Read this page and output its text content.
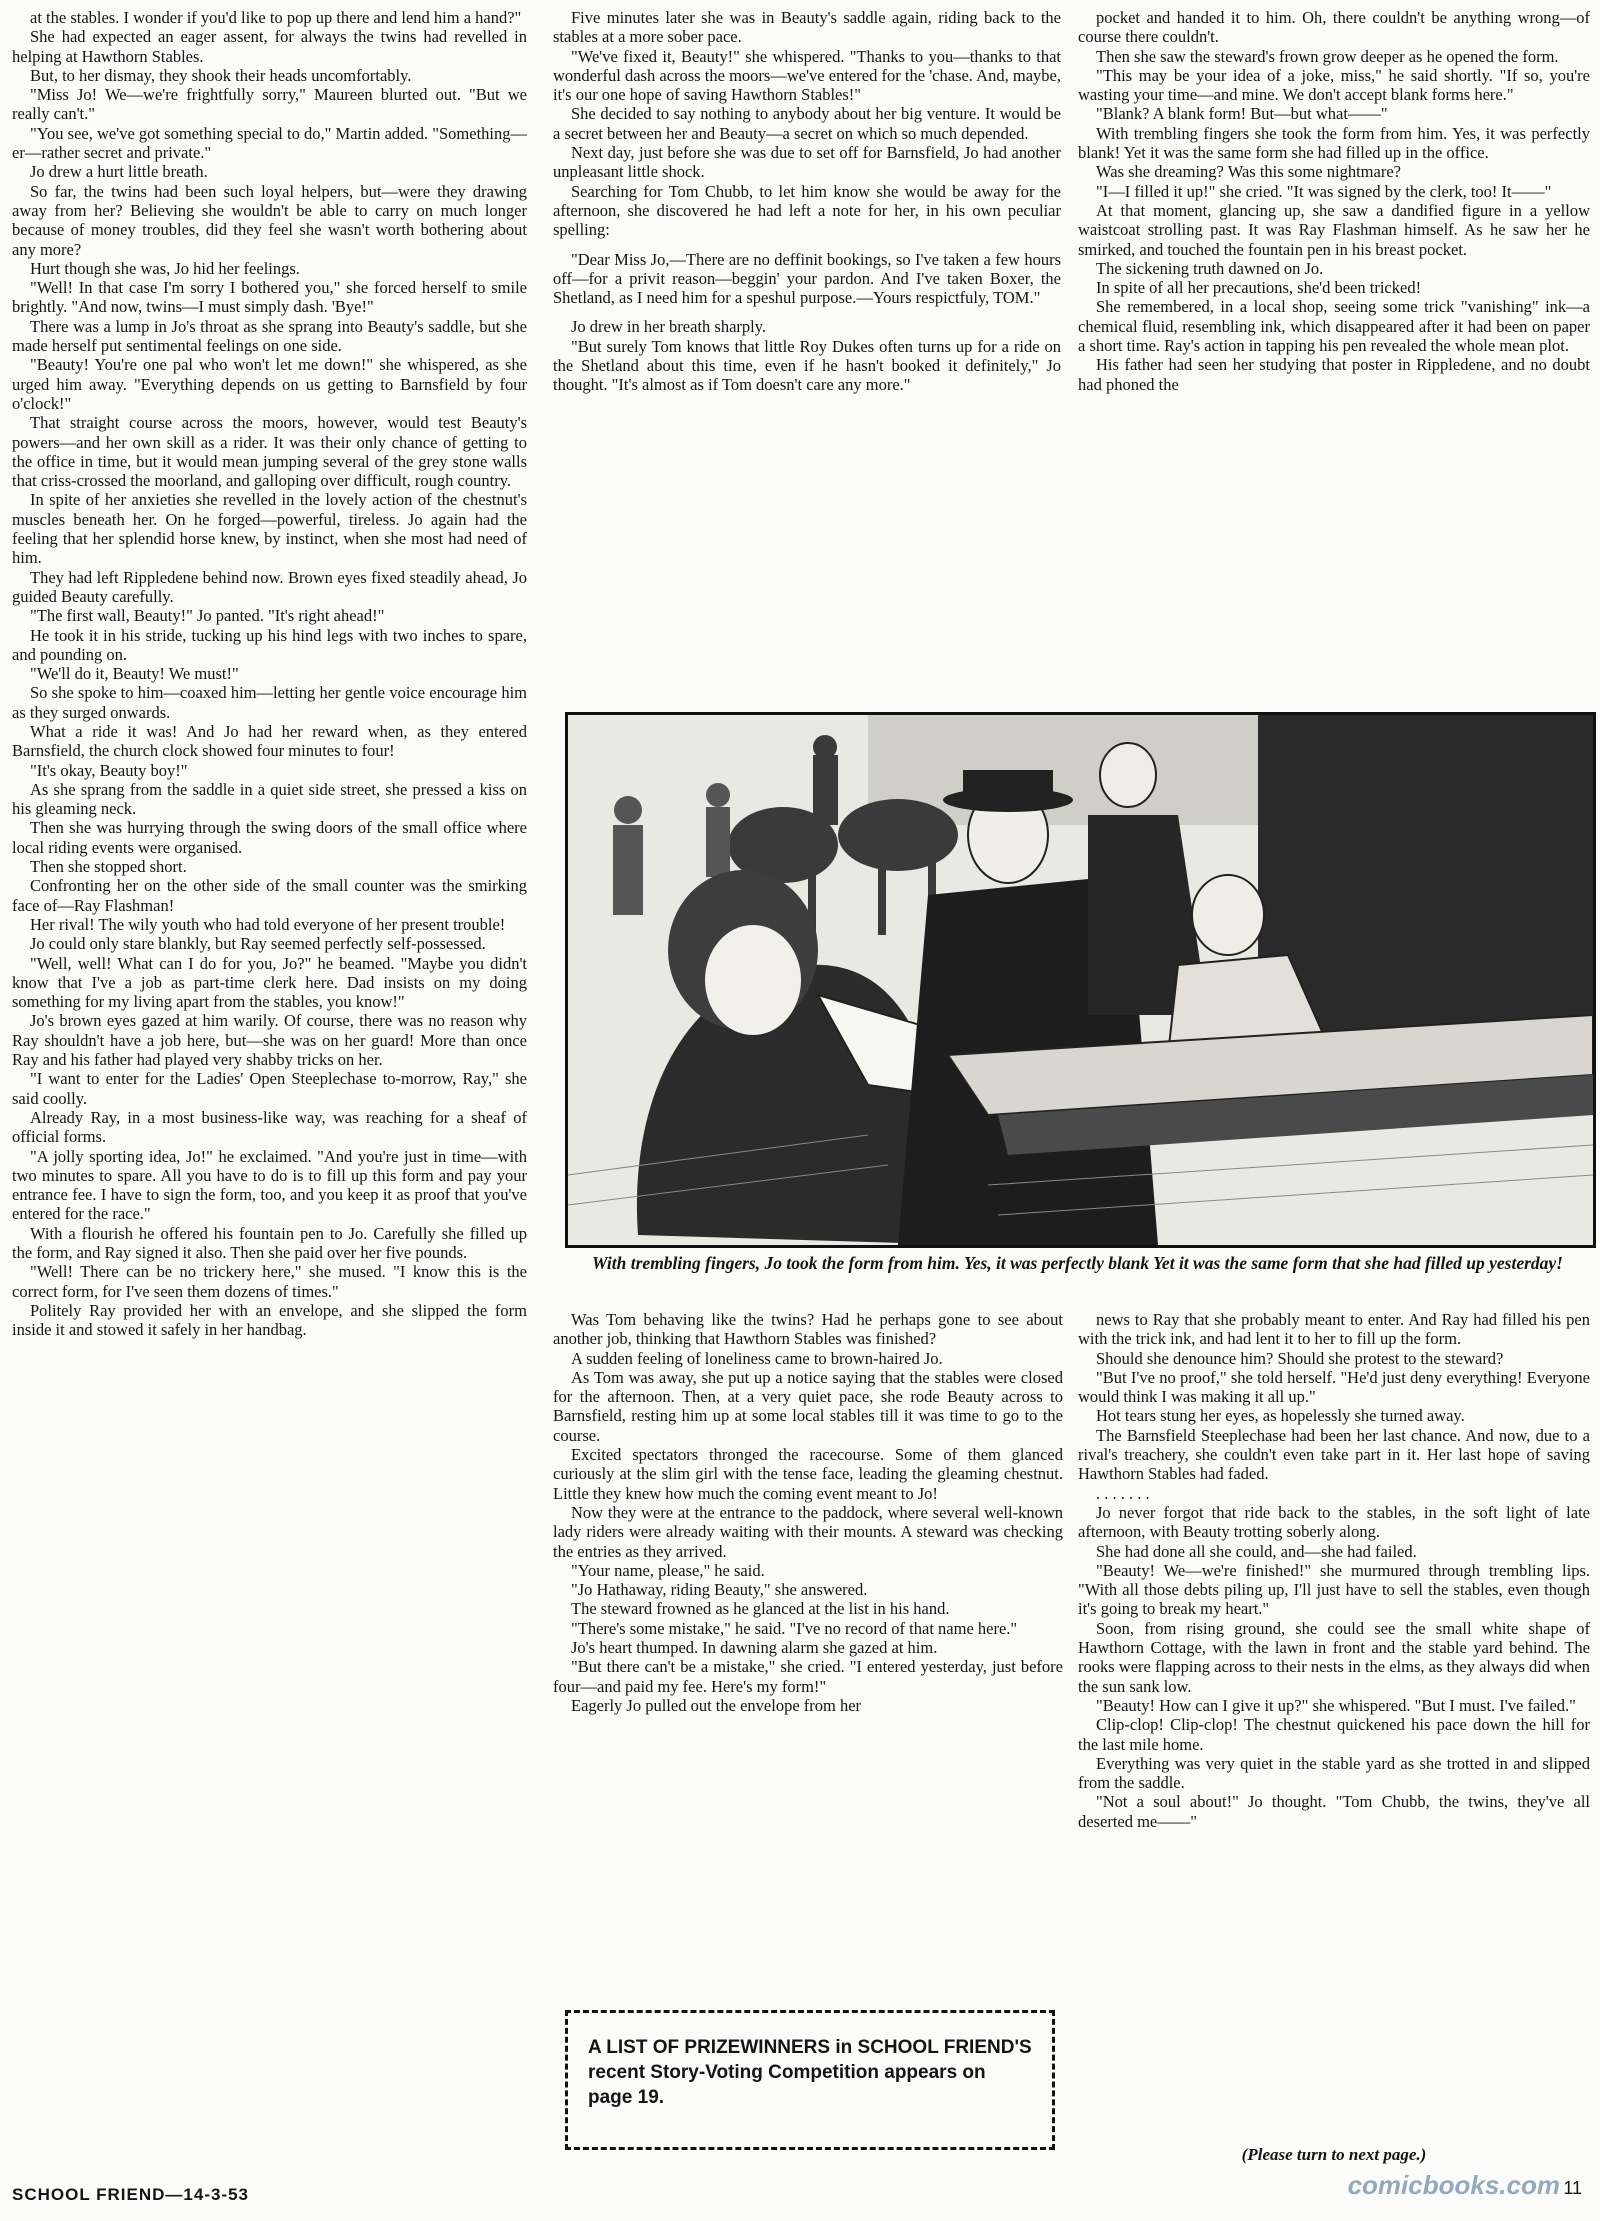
at the stables. I wonder if you'd like to pop up there and lend him a hand?"

She had expected an eager assent, for always the twins had revelled in helping at Hawthorn Stables.

But, to her dismay, they shook their heads uncomfortably.

"Miss Jo! We—we're frightfully sorry," Maureen blurted out. "But we really can't."

"You see, we've got something special to do," Martin added. "Something—er—rather secret and private."

Jo drew a hurt little breath.

So far, the twins had been such loyal helpers, but—were they drawing away from her? Believing she wouldn't be able to carry on much longer because of money troubles, did they feel she wasn't worth bothering about any more?

Hurt though she was, Jo hid her feelings.

"Well! In that case I'm sorry I bothered you," she forced herself to smile brightly. "And now, twins—I must simply dash. 'Bye!"

There was a lump in Jo's throat as she sprang into Beauty's saddle, but she made herself put sentimental feelings on one side.

"Beauty! You're one pal who won't let me down!" she whispered, as she urged him away. "Everything depends on us getting to Barnsfield by four o'clock!"

That straight course across the moors, however, would test Beauty's powers—and her own skill as a rider. It was their only chance of getting to the office in time, but it would mean jumping several of the grey stone walls that criss-crossed the moorland, and galloping over difficult, rough country.

In spite of her anxieties she revelled in the lovely action of the chestnut's muscles beneath her. On he forged—powerful, tireless. Jo again had the feeling that her splendid horse knew, by instinct, when she most had need of him.

They had left Rippledene behind now. Brown eyes fixed steadily ahead, Jo guided Beauty carefully.

"The first wall, Beauty!" Jo panted. "It's right ahead!"

He took it in his stride, tucking up his hind legs with two inches to spare, and pounding on.

"We'll do it, Beauty! We must!"

So she spoke to him—coaxed him—letting her gentle voice encourage him as they surged onwards.

What a ride it was! And Jo had her reward when, as they entered Barnsfield, the church clock showed four minutes to four!

"It's okay, Beauty boy!"

As she sprang from the saddle in a quiet side street, she pressed a kiss on his gleaming neck.

Then she was hurrying through the swing doors of the small office where local riding events were organised.

Then she stopped short.

Confronting her on the other side of the small counter was the smirking face of—Ray Flashman!

Her rival! The wily youth who had told everyone of her present trouble!

Jo could only stare blankly, but Ray seemed perfectly self-possessed.

"Well, well! What can I do for you, Jo?" he beamed. "Maybe you didn't know that I've a job as part-time clerk here. Dad insists on my doing something for my living apart from the stables, you know!"

Jo's brown eyes gazed at him warily. Of course, there was no reason why Ray shouldn't have a job here, but—she was on her guard! More than once Ray and his father had played very shabby tricks on her.

"I want to enter for the Ladies' Open Steeplechase to-morrow, Ray," she said coolly.

Already Ray, in a most business-like way, was reaching for a sheaf of official forms.

"A jolly sporting idea, Jo!" he exclaimed. "And you're just in time—with two minutes to spare. All you have to do is to fill up this form and pay your entrance fee. I have to sign the form, too, and you keep it as proof that you've entered for the race."

With a flourish he offered his fountain pen to Jo. Carefully she filled up the form, and Ray signed it also. Then she paid over her five pounds.

"Well! There can be no trickery here," she mused. "I know this is the correct form, for I've seen them dozens of times."

Politely Ray provided her with an envelope, and she slipped the form inside it and stowed it safely in her handbag.

Five minutes later she was in Beauty's saddle again, riding back to the stables at a more sober pace.

"We've fixed it, Beauty!" she whispered. "Thanks to you—thanks to that wonderful dash across the moors—we've entered for the 'chase. And, maybe, it's our one hope of saving Hawthorn Stables!"

She decided to say nothing to anybody about her big venture. It would be a secret between her and Beauty—a secret on which so much depended.

Next day, just before she was due to set off for Barnsfield, Jo had another unpleasant little shock.

Searching for Tom Chubb, to let him know she would be away for the afternoon, she discovered he had left a note for her, in his own peculiar spelling:

"Dear Miss Jo,—There are no deffinit bookings, so I've taken a few hours off—for a privit reason—beggin' your pardon. And I've taken Boxer, the Shetland, as I need him for a speshul purpose.—Yours respictfuly, TOM."

Jo drew in her breath sharply.

"But surely Tom knows that little Roy Dukes often turns up for a ride on the Shetland about this time, even if he hasn't booked it definitely," Jo thought. "It's almost as if Tom doesn't care any more."

pocket and handed it to him. Oh, there couldn't be anything wrong—of course there couldn't.

Then she saw the steward's frown grow deeper as he opened the form.

"This may be your idea of a joke, miss," he said shortly. "If so, you're wasting your time—and mine. We don't accept blank forms here."

"Blank? A blank form! But—but what——"

With trembling fingers she took the form from him. Yes, it was perfectly blank! Yet it was the same form she had filled up in the office.

Was she dreaming? Was this some nightmare?

"I—I filled it up!" she cried. "It was signed by the clerk, too! It——"

At that moment, glancing up, she saw a dandified figure in a yellow waistcoat strolling past. It was Ray Flashman himself. As he saw her he smirked, and touched the fountain pen in his breast pocket.

The sickening truth dawned on Jo.

In spite of all her precautions, she'd been tricked!

She remembered, in a local shop, seeing some trick "vanishing" ink—a chemical fluid, resembling ink, which disappeared after it had been on paper a short time. Ray's action in tapping his pen revealed the whole mean plot.

His father had seen her studying that poster in Rippledene, and no doubt had phoned the

With trembling fingers, Jo took the form from him. Yes, it was perfectly blank Yet it was the same form that she had filled up yesterday!

Was Tom behaving like the twins? Had he perhaps gone to see about another job, thinking that Hawthorn Stables was finished?

A sudden feeling of loneliness came to brown-haired Jo.

As Tom was away, she put up a notice saying that the stables were closed for the afternoon. Then, at a very quiet pace, she rode Beauty across to Barnsfield, resting him up at some local stables till it was time to go to the course.

Excited spectators thronged the racecourse. Some of them glanced curiously at the slim girl with the tense face, leading the gleaming chestnut. Little they knew how much the coming event meant to Jo!

Now they were at the entrance to the paddock, where several well-known lady riders were already waiting with their mounts. A steward was checking the entries as they arrived.

"Your name, please," he said.

"Jo Hathaway, riding Beauty," she answered.

The steward frowned as he glanced at the list in his hand.

"There's some mistake," he said. "I've no record of that name here."

Jo's heart thumped. In dawning alarm she gazed at him.

"But there can't be a mistake," she cried. "I entered yesterday, just before four—and paid my fee. Here's my form!"

Eagerly Jo pulled out the envelope from her

news to Ray that she probably meant to enter. And Ray had filled his pen with the trick ink, and had lent it to her to fill up the form.

Should she denounce him? Should she protest to the steward?

"But I've no proof," she told herself. "He'd just deny everything! Everyone would think I was making it all up."

Hot tears stung her eyes, as hopelessly she turned away.

The Barnsfield Steeplechase had been her last chance. And now, due to a rival's treachery, she couldn't even take part in it. Her last hope of saving Hawthorn Stables had faded.

. . . . . . .

Jo never forgot that ride back to the stables, in the soft light of late afternoon, with Beauty trotting soberly along.

She had done all she could, and—she had failed.

"Beauty! We—we're finished!" she murmured through trembling lips. "With all those debts piling up, I'll just have to sell the stables, even though it's going to break my heart."

Soon, from rising ground, she could see the small white shape of Hawthorn Cottage, with the lawn in front and the stable yard behind. The rooks were flapping across to their nests in the elms, as they always did when the sun sank low.

"Beauty! How can I give it up?" she whispered. "But I must. I've failed."

Clip-clop! Clip-clop! The chestnut quickened his pace down the hill for the last mile home.

Everything was very quiet in the stable yard as she trotted in and slipped from the saddle.

"Not a soul about!" Jo thought. "Tom Chubb, the twins, they've all deserted me——"

A LIST OF PRIZEWINNERS in SCHOOL FRIEND'S recent Story-Voting Competition appears on page 19.
(Please turn to next page.)
SCHOOL FRIEND—14-3-53	comicbooks.com 11
